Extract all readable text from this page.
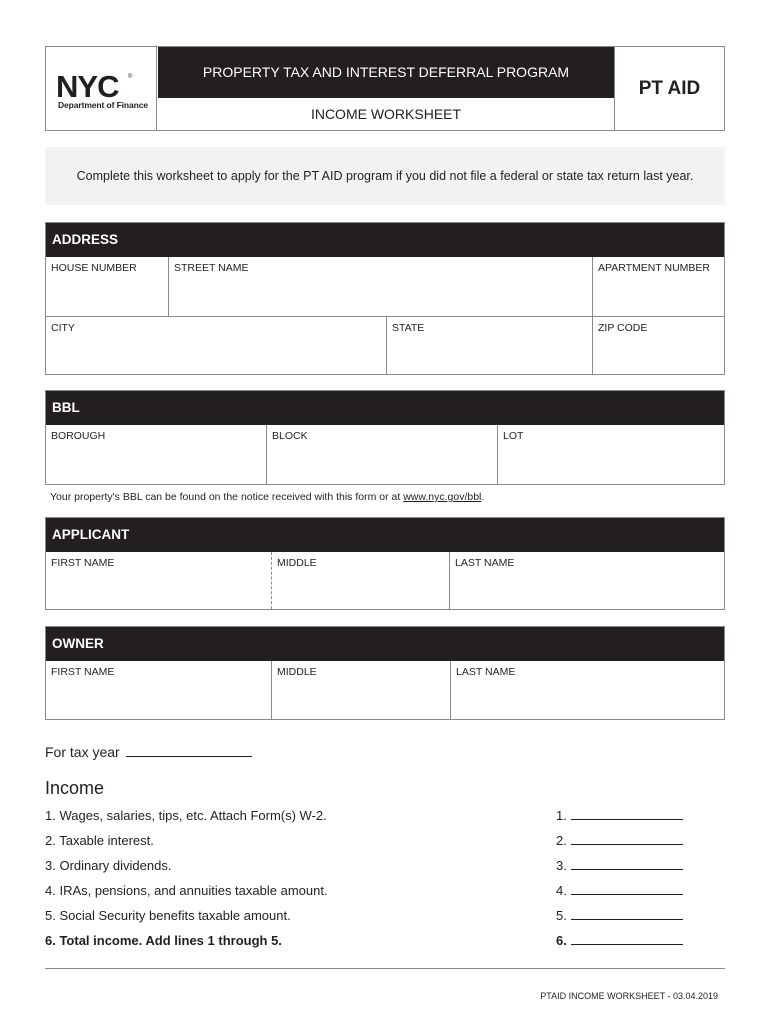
NYC ®
Department of Finance
PROPERTY TAX AND INTEREST DEFERRAL PROGRAM
INCOME WORKSHEET
PT AID
Complete this worksheet to apply for the PT AID program if you did not file a federal or state tax return last year.
ADDRESS
HOUSE NUMBER	STREET NAME	APARTMENT NUMBER
CITY	STATE	ZIP CODE
BBL
BOROUGH	BLOCK	LOT
Your property's BBL can be found on the notice received with this form or at www.nyc.gov/bbl.
APPLICANT
FIRST NAME	MIDDLE	LAST NAME
OWNER
FIRST NAME	MIDDLE	LAST NAME
For tax year
Income
1. Wages, salaries, tips, etc. Attach Form(s) W-2.	1.
2. Taxable interest.	2.
3. Ordinary dividends.	3.
4. IRAs, pensions, and annuities taxable amount.	4.
5. Social Security benefits taxable amount.	5.
6. Total income. Add lines 1 through 5.	6.
PTAID INCOME WORKSHEET - 03.04.2019
